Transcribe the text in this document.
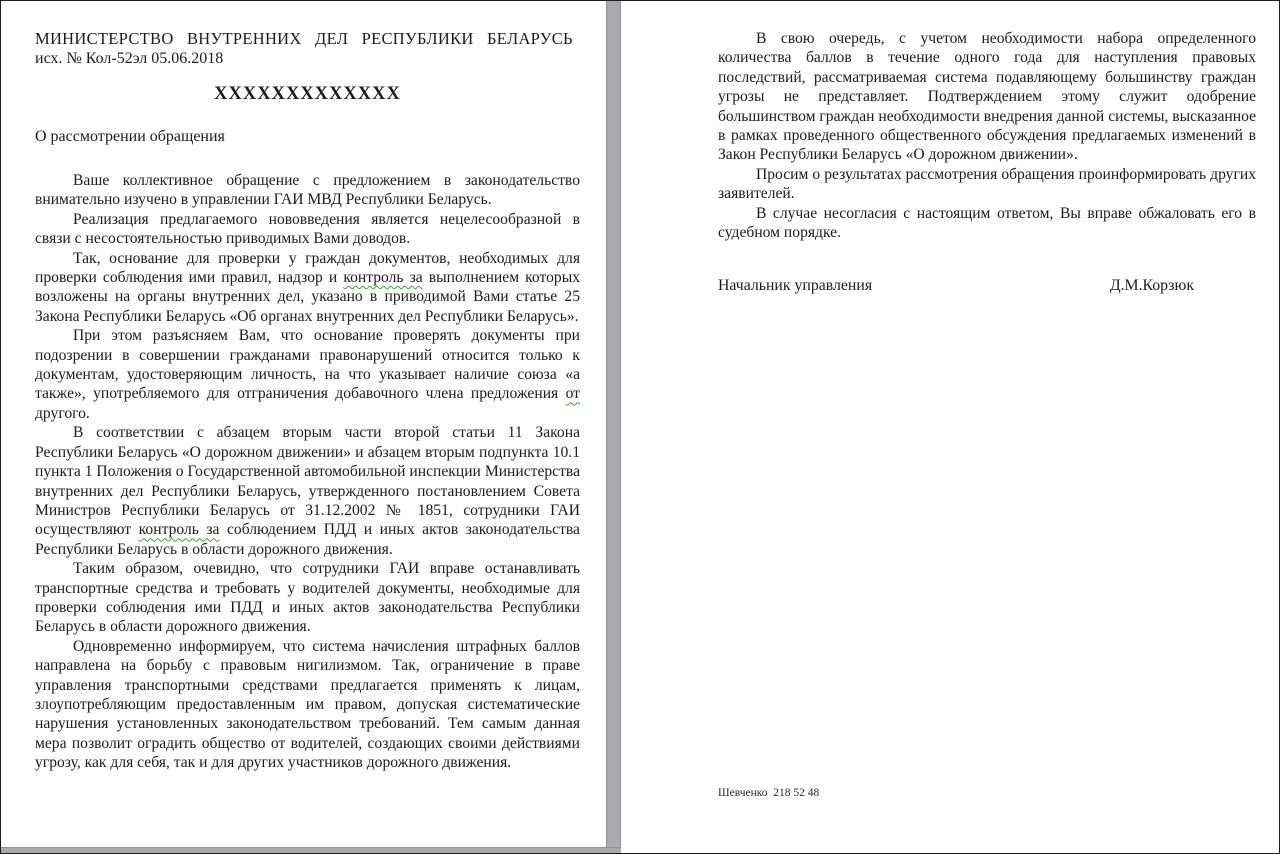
МИНИСТЕРСТВО ВНУТРЕННИХ ДЕЛ РЕСПУБЛИКИ БЕЛАРУСЬ
исх. № Кол-52эл 05.06.2018
ХХХХХХХХХХХХХ
О рассмотрении обращения

Ваше коллективное обращение с предложением в законодательство внимательно изучено в управлении ГАИ МВД Республики Беларусь.

Реализация предлагаемого нововведения является нецелесообразной в связи с несостоятельностью приводимых Вами доводов.

Так, основание для проверки у граждан документов, необходимых для проверки соблюдения ими правил, надзор и контроль за выполнением которых возложены на органы внутренних дел, указано в приводимой Вами статье 25 Закона Республики Беларусь «Об органах внутренних дел Республики Беларусь».

При этом разъясняем Вам, что основание проверять документы при подозрении в совершении гражданами правонарушений относится только к документам, удостоверяющим личность, на что указывает наличие союза «а также», употребляемого для отграничения добавочного члена предложения от другого.

В соответствии с абзацем вторым части второй статьи 11 Закона Республики Беларусь «О дорожном движении» и абзацем вторым подпункта 10.1 пункта 1 Положения о Государственной автомобильной инспекции Министерства внутренних дел Республики Беларусь, утвержденного постановлением Совета Министров Республики Беларусь от 31.12.2002 № 1851, сотрудники ГАИ осуществляют контроль за соблюдением ПДД и иных актов законодательства Республики Беларусь в области дорожного движения.

Таким образом, очевидно, что сотрудники ГАИ вправе останавливать транспортные средства и требовать у водителей документы, необходимые для проверки соблюдения ими ПДД и иных актов законодательства Республики Беларусь в области дорожного движения.

Одновременно информируем, что система начисления штрафных баллов направлена на борьбу с правовым нигилизмом. Так, ограничение в праве управления транспортными средствами предлагается применять к лицам, злоупотребляющим предоставленным им правом, допуская систематические нарушения установленных законодательством требований. Тем самым данная мера позволит оградить общество от водителей, создающих своими действиями угрозу, как для себя, так и для других участников дорожного движения.

В свою очередь, с учетом необходимости набора определенного количества баллов в течение одного года для наступления правовых последствий, рассматриваемая система подавляющему большинству граждан угрозы не представляет. Подтверждением этому служит одобрение большинством граждан необходимости внедрения данной системы, высказанное в рамках проведенного общественного обсуждения предлагаемых изменений в Закон Республики Беларусь «О дорожном движении».

Просим о результатах рассмотрения обращения проинформировать других заявителей.

В случае несогласия с настоящим ответом, Вы вправе обжаловать его в судебном порядке.

Начальник управления	Д.М.Корзюк
Шевченко  218 52 48
